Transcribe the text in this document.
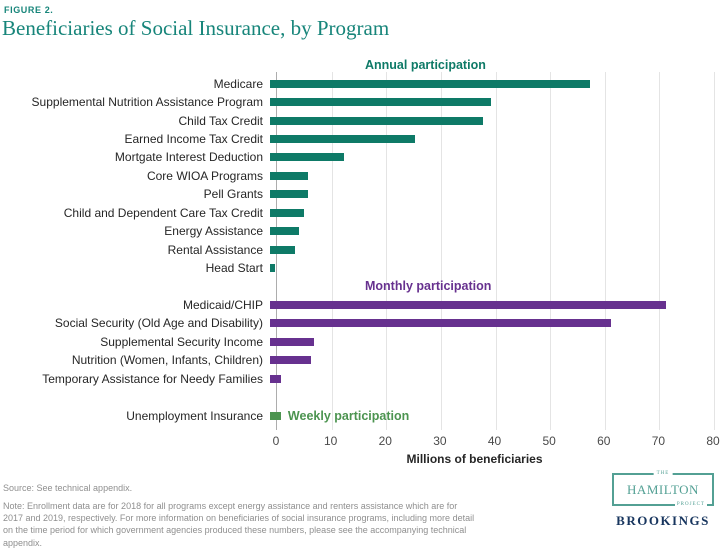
FIGURE 2.
Beneficiaries of Social Insurance, by Program
Annual participation
Medicare
Supplemental Nutrition Assistance Program
Child Tax Credit
Earned Income Tax Credit
Mortgate Interest Deduction
Core WIOA Programs
Pell Grants
Child and Dependent Care Tax Credit
Energy Assistance
Rental Assistance
Head Start
Monthly participation
Medicaid/CHIP
Social Security (Old Age and Disability)
Supplemental Security Income
Nutrition (Women, Infants, Children)
Temporary Assistance for Needy Families
Unemployment Insurance	Weekly participation
0	10	20	30	40	50	60	70	80
Millions of beneficiaries
Source: See technical appendix.
Note: Enrollment data are for 2018 for all programs except energy assistance and renters assistance which are for
2017 and 2019, respectively. For more information on beneficiaries of social insurance programs, including more detail
on the time period for which government agencies produced these numbers, please see the accompanying technical
appendix.
THE
HAMILTON
PROJECT
BROOKINGS
